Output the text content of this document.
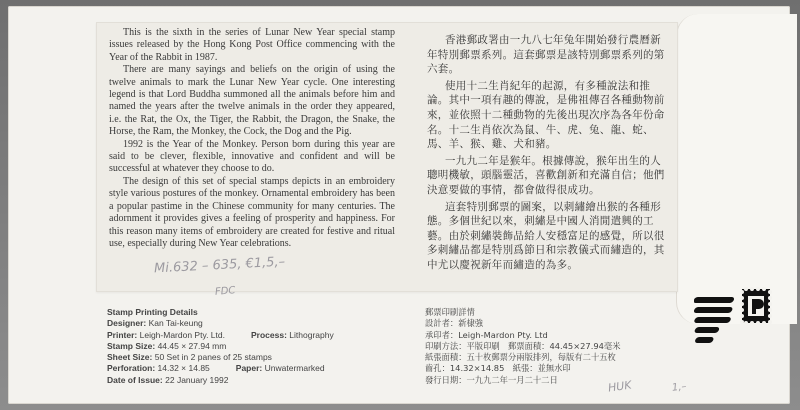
This is the sixth in the series of Lunar New Year special stamp issues released by the Hong Kong Post Office commencing with the Year of the Rabbit in 1987.

There are many sayings and beliefs on the origin of using the twelve animals to mark the Lunar New Year cycle. One interesting legend is that Lord Buddha summoned all the animals before him and named the years after the twelve animals in the order they appeared, i.e. the Rat, the Ox, the Tiger, the Rabbit, the Dragon, the Snake, the Horse, the Ram, the Monkey, the Cock, the Dog and the Pig.

1992 is the Year of the Monkey. Person born during this year are said to be clever, flexible, innovative and confident and will be successful at whatever they choose to do.

The design of this set of special stamps depicts in an embroidery style various postures of the monkey. Ornamental embroidery has been a popular pastime in the Chinese community for many centuries. The adornment it provides gives a feeling of prosperity and happiness. For this reason many items of embroidery are created for festive and ritual use, especially during New Year celebrations.

香港郵政署由一九八七年兔年開始發行農曆新年特別郵票系列。這套郵票是該特別郵票系列的第六套。

使用十二生肖紀年的起源，有多種說法和推論。其中一項有趣的傳說，是佛祖傳召各種動物前來，並依照十二種動物的先後出現次序為各年份命名。十二生肖依次為鼠、牛、虎、兔、龍、蛇、馬、羊、猴、雞、犬和豬。

一九九二年是猴年。根據傳說，猴年出生的人聰明機敏，頭腦靈活，喜歡創新和充滿自信；他們決意要做的事情，都會做得很成功。

這套特別郵票的圖案，以刺繡繪出猴的各種形態。多個世紀以來，刺繡是中國人消閒遣興的工藝。由於刺繡裝飾品給人安穩富足的感覺，所以很多刺繡品都是特別爲節日和宗教儀式而繡造的，其中尤以慶祝新年而繡造的為多。

Mi.632 – 635, €1,5,–
FDC
HUK	1,–
Stamp Printing Details
Designer: Kan Tai-keung
Printer: Leigh-Mardon Pty. Ltd.	Process: Lithography
Stamp Size: 44.45 × 27.94 mm
Sheet Size: 50 Set in 2 panes of 25 stamps
Perforation: 14.32 × 14.85	Paper: Unwatermarked
Date of Issue: 22 January 1992
郵票印刷詳情
設計者：新棣強
承印者：Leigh-Mardon Pty. Ltd
印刷方法：平版印刷　郵票面積：44.45×27.94毫米
紙張面積：五十枚郵票分兩版排列，每版有二十五枚
齒孔：14.32×14.85　紙張：並無水印
發行日期：一九九二年一月二十二日
